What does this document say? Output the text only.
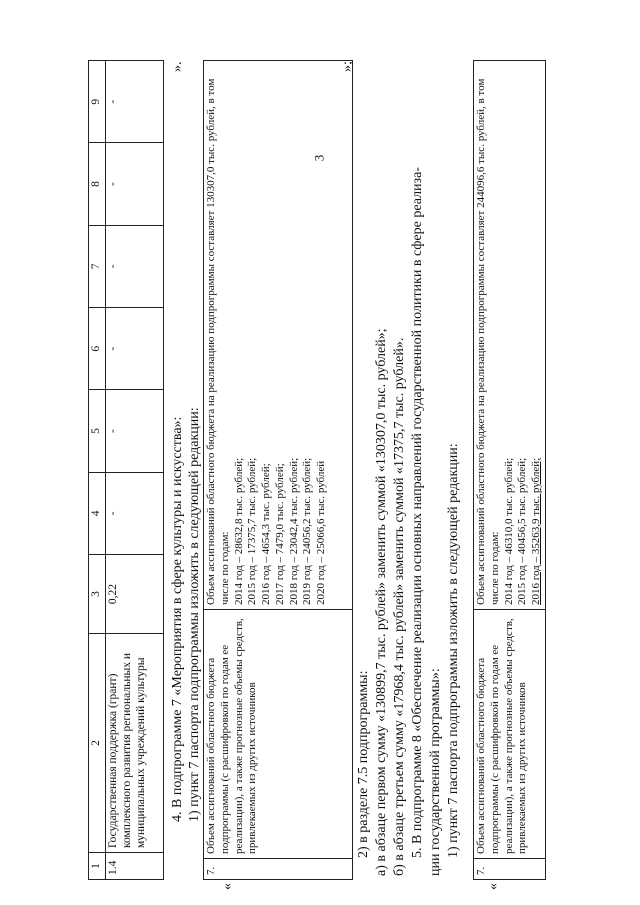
3
1	2	3	4	5	6	7	8	9
1.4	Государственная поддержка (грант) комплексного развития региональных и муниципальных учреждений культуры	0,22	-	-	-	-	-	-
».
4. В подпрограмме 7 «Мероприятия в сфере культуры и искусства»: 1) пункт 7 паспорта подпрограммы изложить в следующей редакции:
«
7.	Объем ассигнований областного бюджета подпрограммы (с расшифровкой по годам ее реализации), а также прогнозные объемы средств, привлекаемых из других источников	
Объем ассигнований областного бюджета на реализацию подпрограммы составляет 130307,0 тыс. рублей, в том числе по годам: 2014 год – 28632,8 тыс. рублей; 2015 год – 17375,7 тыс. рублей; 2016 год – 4654,3 тыс. рублей; 2017 год – 7479,0 тыс. рублей; 2018 год – 23042,4 тыс. рублей; 2019 год – 24056,2 тыс. рублей; 2020 год – 25066,6 тыс. рублей
»;
2) в разделе 7.5 подпрограммы: а) в абзаце первом сумму «130899,7 тыс. рублей» заменить суммой «130307,0 тыс. рублей»; б) в абзаце третьем сумму «17968,4 тыс. рублей» заменить суммой «17375,7 тыс. рублей». 5. В подпрограмме 8 «Обеспечение реализации основных направлений государственной политики в сфере реализа- ции государственной программы»: 1) пункт 7 паспорта подпрограммы изложить в следующей редакции:
«
7.	Объем ассигнований областного бюджета подпрограммы (с расшифровкой по годам ее реализации), а также прогнозные объемы средств, привлекаемых из других источников	
Объем ассигнований областного бюджета на реализацию подпрограммы составляет 244096,6 тыс. рублей, в том числе по годам: 2014 год – 46310,0 тыс. рублей; 2015 год – 40456,5 тыс. рублей; 2016 год – 35263,9 тыс. рублей;
